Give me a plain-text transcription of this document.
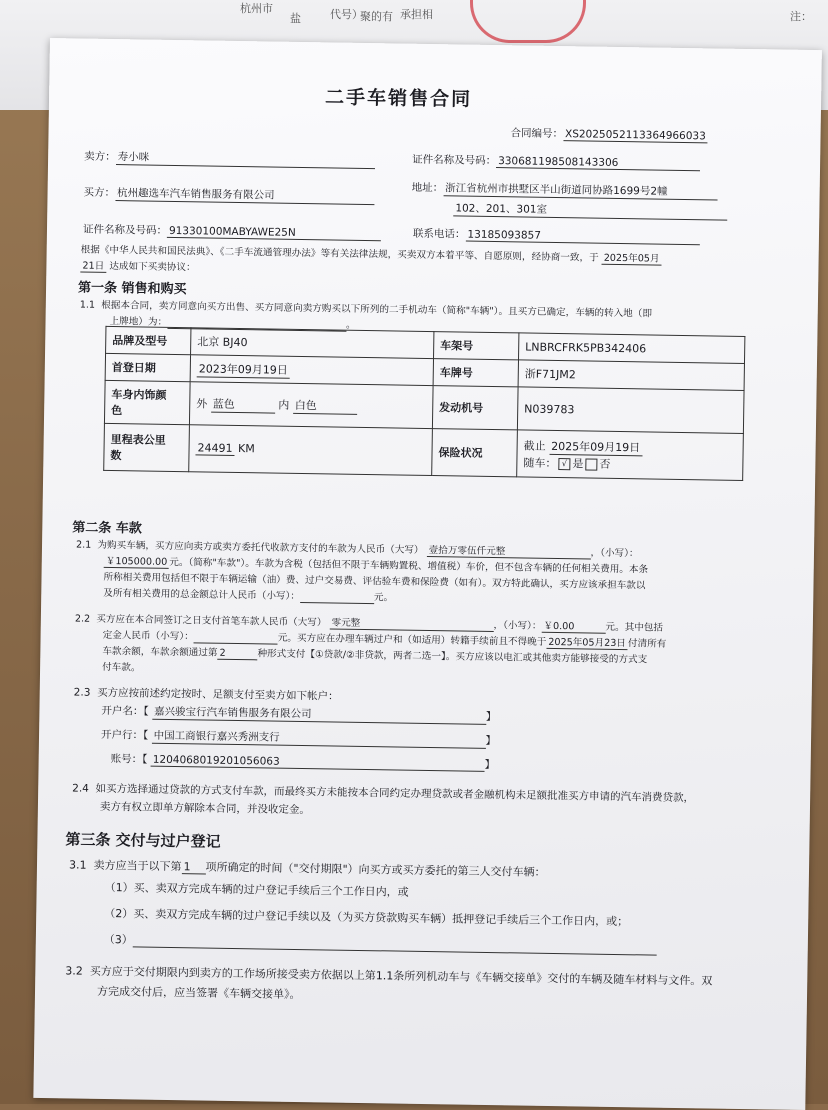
杭州市
盐	代号）
聚的有 承担相	注：
二手车销售合同
合同编号： XS2025052113364966033
卖方： 寿小咪	证件名称及号码： 330681198508143306
买方： 杭州趣选车汽车销售服务有限公司	地址： 浙江省杭州市拱墅区半山街道同协路1699号2幢
102、201、301室
证件名称及号码： 91330100MABYAWE25N	联系电话： 13185093857
根据《中华人民共和国民法典》、《二手车流通管理办法》等有关法律法规，买卖双方本着平等、自愿原则，经协商一致，于 2025年05月
21日 达成如下买卖协议：
第一条 销售和购买
1.1 根据本合同，卖方同意向买方出售、买方同意向卖方购买以下所列的二手机动车（简称"车辆"）。且买方已确定，车辆的转入地（即
上牌地）为：	。
品牌及型号	北京 BJ40	车架号	LNBRCFRK5PB342406
首登日期	2023年09月19日	车牌号	浙F71JM2
车身内饰颜
色	外 蓝色 内 白色	发动机号	N039783
里程表公里
数	24491 KM	保险状况	截止 2025年09月19日
随车： √ 是 否
第二条 车款
2.1 为购买车辆，买方应向卖方或卖方委托代收款方支付的车款为人民币（大写） 壹拾万零伍仟元整	，（小写）：
￥105000.00 元。（简称"车款"）。车款为含税（包括但不限于车辆购置税、增值税）车价，但不包含车辆的任何相关费用。本条
所称相关费用包括但不限于车辆运输（油）费、过户交易费、评估验车费和保险费（如有）。双方特此确认，买方应该承担车款以
及所有相关费用的总金额总计人民币（小写）：	元。
2.2 买方应在本合同签订之日支付首笔车款人民币（大写） 零元整	，（小写）： ￥0.00	元。其中包括
定金人民币（小写）：	元。买方应在办理车辆过户和（如适用）转籍手续前且不得晚于 2025年05月23日 付清所有
车款余额，车款余额通过第 2	种形式支付【①贷款/②非贷款，两者二选一】。买方应该以电汇或其他卖方能够接受的方式支
付车款。
2.3 买方应按前述约定按时、足额支付至卖方如下帐户：
开户名：【 嘉兴骏宝行汽车销售服务有限公司	】
开户行：【 中国工商银行嘉兴秀洲支行	】
账号：【 1204068019201056063	】
2.4 如买方选择通过贷款的方式支付车款，而最终买方未能按本合同约定办理贷款或者金融机构未足额批准买方申请的汽车消费贷款，
卖方有权立即单方解除本合同，并没收定金。
第三条 交付与过户登记
3.1 卖方应当于以下第 1 项所确定的时间（"交付期限"）向买方或买方委托的第三人交付车辆：
（1）买、卖双方完成车辆的过户登记手续后三个工作日内，或
（2）买、卖双方完成车辆的过户登记手续以及（为买方贷款购买车辆）抵押登记手续后三个工作日内，或；
（3）
3.2 买方应于交付期限内到卖方的工作场所接受卖方依据以上第1.1条所列机动车与《车辆交接单》交付的车辆及随车材料与文件。双
方完成交付后，应当签署《车辆交接单》。
